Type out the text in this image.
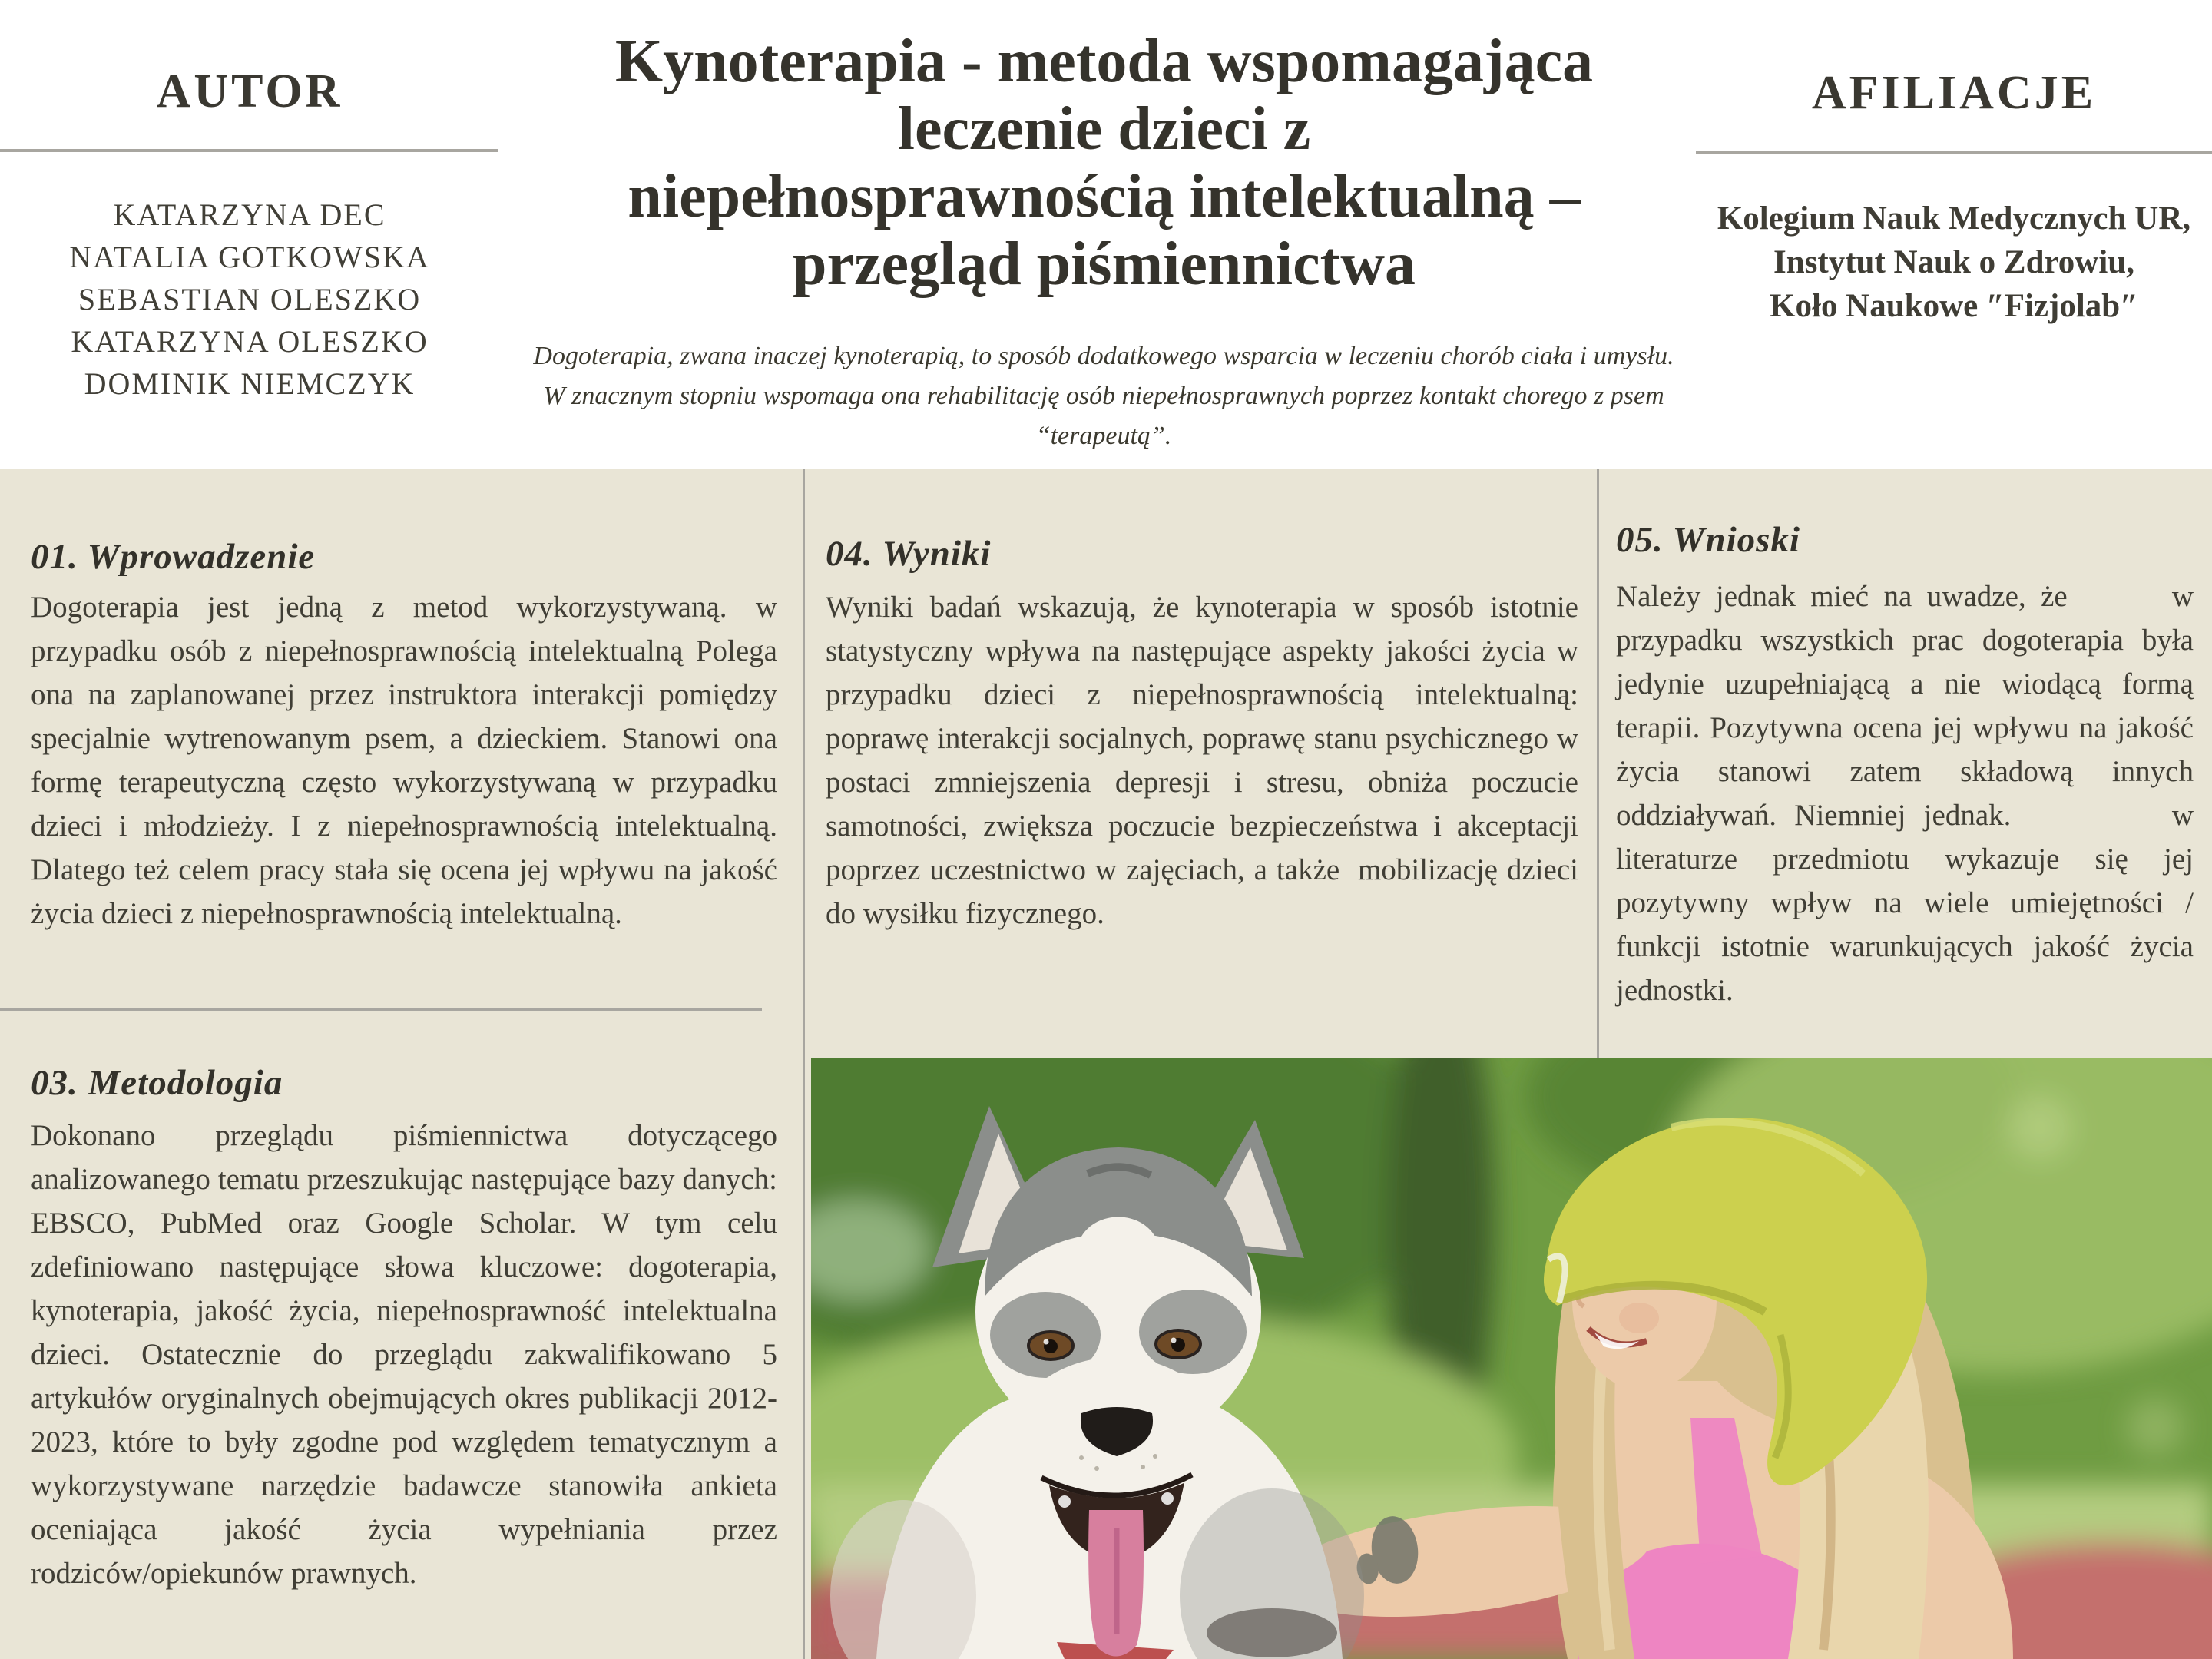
AUTOR
KATARZYNA DEC
NATALIA GOTKOWSKA
SEBASTIAN OLESZKO
KATARZYNA OLESZKO
DOMINIK NIEMCZYK
Kynoterapia - metoda wspomagająca
leczenie dzieci z
niepełnosprawnością intelektualną –
przegląd piśmiennictwa
Dogoterapia, zwana inaczej kynoterapią, to sposób dodatkowego wsparcia w leczeniu chorób ciała i umysłu. W znacznym stopniu wspomaga ona rehabilitację osób niepełnosprawnych poprzez kontakt chorego z psem “terapeutą”.
AFILIACJE
Kolegium Nauk Medycznych UR,
Instytut Nauk o Zdrowiu,
Koło Naukowe ″Fizjolab″
01. Wprowadzenie
Dogoterapia jest jedną z metod wykorzystywaną. w przypadku osób z niepełnosprawnością intelektualną Polega ona na zaplanowanej przez instruktora interakcji pomiędzy specjalnie wytrenowanym psem, a dzieckiem. Stanowi ona formę terapeutyczną często wykorzystywaną w przypadku dzieci i młodzieży. I z niepełnosprawnością intelektualną. Dlatego też celem pracy stała się ocena jej wpływu na jakość życia dzieci z niepełnosprawnością intelektualną.
03. Metodologia
Dokonano przeglądu piśmiennictwa dotyczącego analizowanego tematu przeszukując następujące bazy danych: EBSCO, PubMed oraz Google Scholar. W tym celu zdefiniowano następujące słowa kluczowe: dogoterapia, kynoterapia, jakość życia, niepełnosprawność intelektualna dzieci. Ostatecznie do przeglądu zakwalifikowano 5 artykułów oryginalnych obejmujących okres publikacji 2012-2023, które to były zgodne pod względem tematycznym a wykorzystywane narzędzie badawcze stanowiła ankieta oceniająca jakość życia wypełniania przez rodziców/opiekunów prawnych.
04. Wyniki
Wyniki badań wskazują, że kynoterapia w sposób istotnie statystyczny wpływa na następujące aspekty jakości życia w przypadku dzieci z niepełnosprawnością intelektualną: poprawę interakcji socjalnych, poprawę stanu psychicznego w postaci zmniejszenia depresji i stresu, obniża poczucie samotności, zwiększa poczucie bezpieczeństwa i akceptacji poprzez uczestnictwo w zajęciach, a także  mobilizację dzieci do wysiłku fizycznego.
05. Wnioski
Należy jednak mieć na uwadze, że       w przypadku wszystkich prac dogoterapia była jedynie uzupełniającą a nie wiodącą formą terapii. Pozytywna ocena jej wpływu na jakość życia stanowi zatem składową innych oddziaływań. Niemniej jednak.         w literaturze przedmiotu wykazuje się jej pozytywny wpływ na wiele umiejętności / funkcji istotnie warunkujących jakość życia jednostki.
